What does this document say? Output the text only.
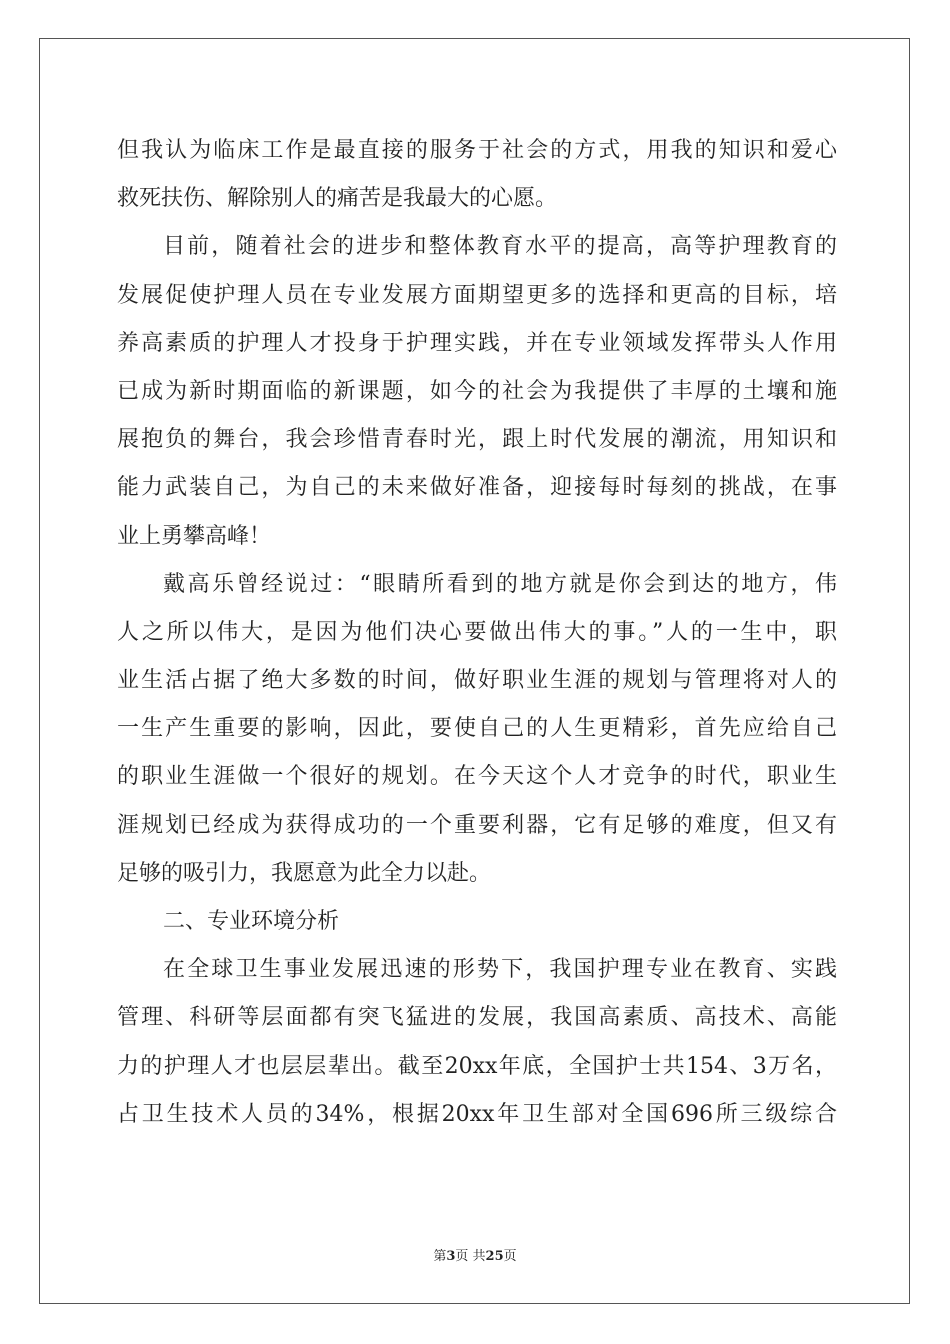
但我认为临床工作是最直接的服务于社会的方式，用我的知识和爱心
救死扶伤、解除别人的痛苦是我最大的心愿。
目前，随着社会的进步和整体教育水平的提高，高等护理教育的
发展促使护理人员在专业发展方面期望更多的选择和更高的目标，培
养高素质的护理人才投身于护理实践，并在专业领域发挥带头人作用
已成为新时期面临的新课题，如今的社会为我提供了丰厚的土壤和施
展抱负的舞台，我会珍惜青春时光，跟上时代发展的潮流，用知识和
能力武装自己，为自己的未来做好准备，迎接每时每刻的挑战，在事
业上勇攀高峰！
戴高乐曾经说过：“眼睛所看到的地方就是你会到达的地方，伟
人之所以伟大，是因为他们决心要做出伟大的事。”人的一生中，职
业生活占据了绝大多数的时间，做好职业生涯的规划与管理将对人的
一生产生重要的影响，因此，要使自己的人生更精彩，首先应给自己
的职业生涯做一个很好的规划。在今天这个人才竞争的时代，职业生
涯规划已经成为获得成功的一个重要利器，它有足够的难度，但又有
足够的吸引力，我愿意为此全力以赴。
二、专业环境分析
在全球卫生事业发展迅速的形势下，我国护理专业在教育、实践
管理、科研等层面都有突飞猛进的发展，我国高素质、高技术、高能
力的护理人才也层层辈出。截至20xx年底，全国护士共154、3万名，
占卫生技术人员的34%，根据20xx年卫生部对全国696所三级综合
第3页 共25页
